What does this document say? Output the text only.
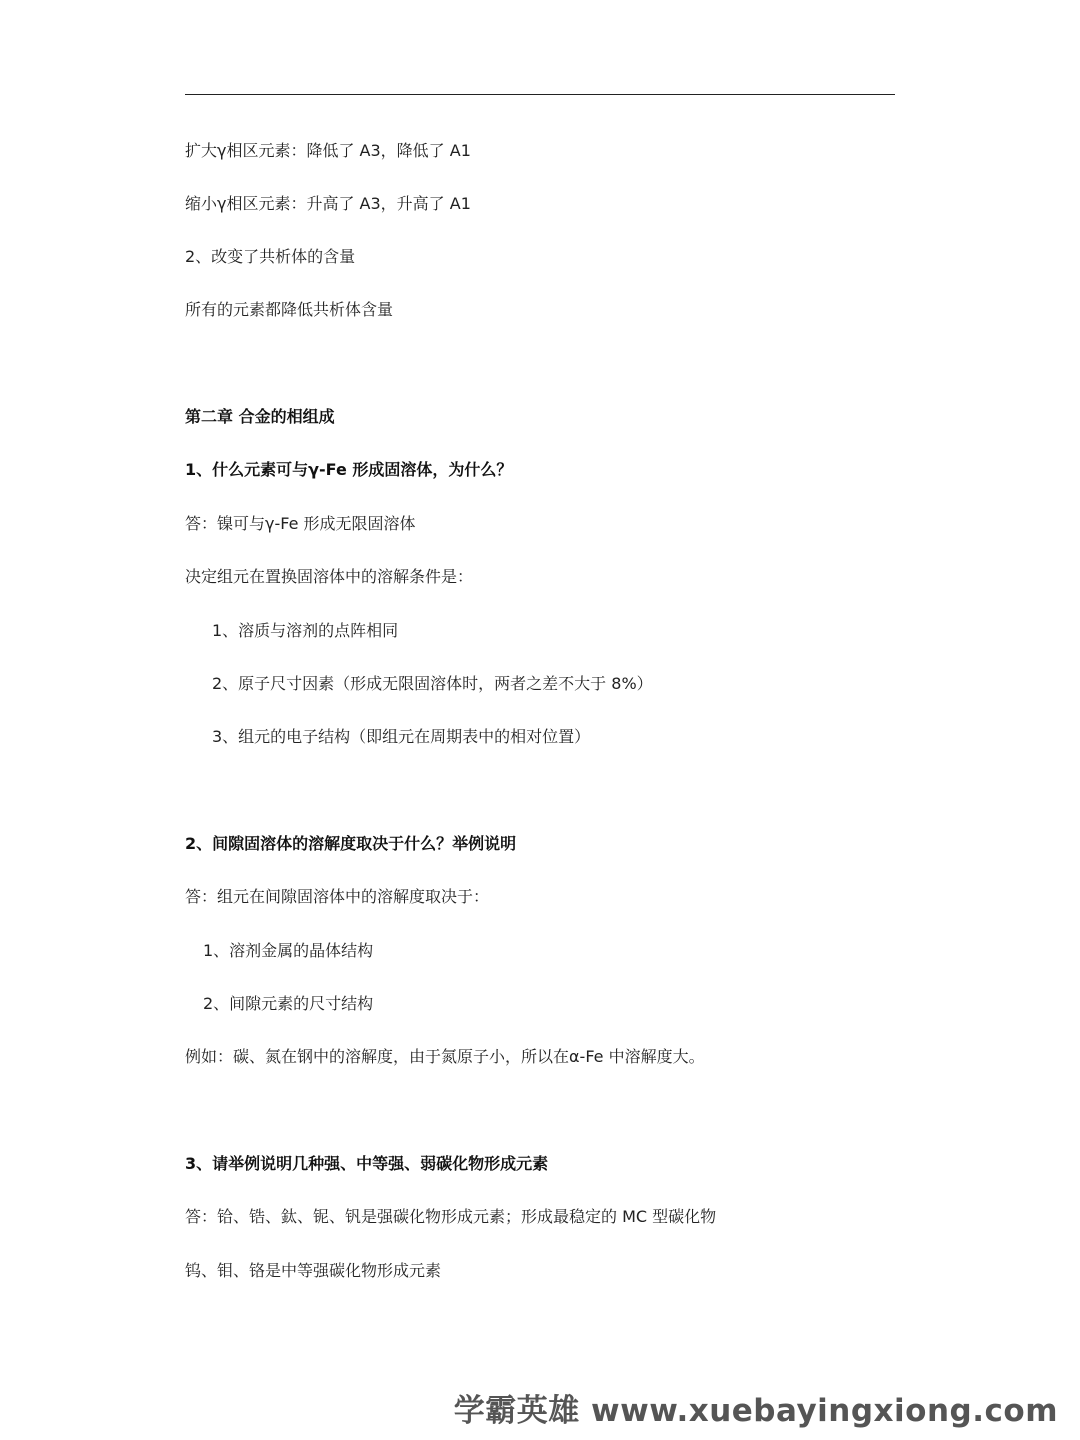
扩大γ相区元素：降低了 A3，降低了 A1
缩小γ相区元素：升高了 A3，升高了 A1
2、改变了共析体的含量
所有的元素都降低共析体含量
第二章 合金的相组成
1、什么元素可与γ-Fe 形成固溶体，为什么？
答：镍可与γ-Fe 形成无限固溶体
决定组元在置换固溶体中的溶解条件是：
1、溶质与溶剂的点阵相同
2、原子尺寸因素（形成无限固溶体时，两者之差不大于 8%）
3、组元的电子结构（即组元在周期表中的相对位置）
2、间隙固溶体的溶解度取决于什么？举例说明
答：组元在间隙固溶体中的溶解度取决于：
1、溶剂金属的晶体结构
2、间隙元素的尺寸结构
例如：碳、氮在钢中的溶解度，由于氮原子小，所以在α-Fe 中溶解度大。
3、请举例说明几种强、中等强、弱碳化物形成元素
答：铪、锆、鈦、铌、钒是强碳化物形成元素；形成最稳定的 MC 型碳化物
钨、钼、铬是中等强碳化物形成元素
学霸英雄 www.xuebayingxiong.com
